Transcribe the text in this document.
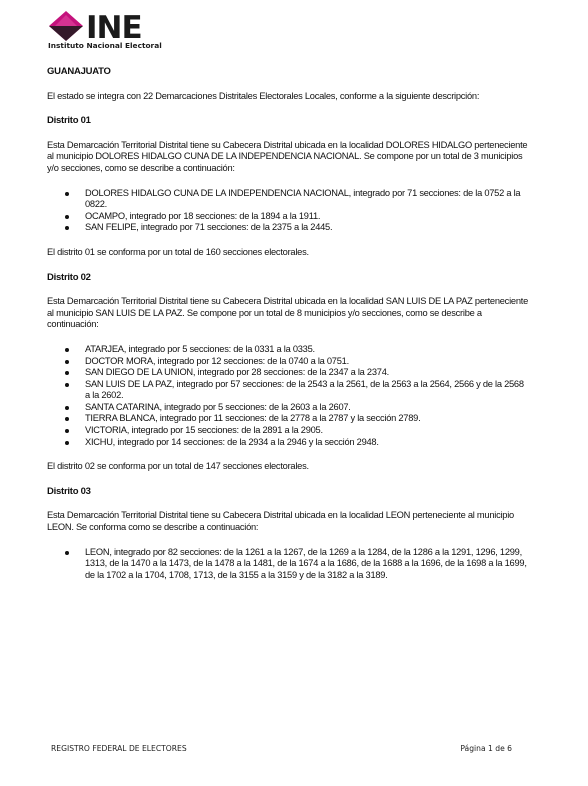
INE
Instituto Nacional Electoral

GUANAJUATO

El estado se integra con 22 Demarcaciones Distritales Electorales Locales, conforme a la siguiente descripción:

Distrito 01

Esta Demarcación Territorial Distrital tiene su Cabecera Distrital ubicada en la localidad DOLORES HIDALGO perteneciente al municipio DOLORES HIDALGO CUNA DE LA INDEPENDENCIA NACIONAL. Se compone por un total de 3 municipios y/o secciones, como se describe a continuación:

DOLORES HIDALGO CUNA DE LA INDEPENDENCIA NACIONAL, integrado por 71 secciones: de la 0752 a la 0822.
OCAMPO, integrado por 18 secciones: de la 1894 a la 1911.
SAN FELIPE, integrado por 71 secciones: de la 2375 a la 2445.

El distrito 01 se conforma por un total de 160 secciones electorales.

Distrito 02

Esta Demarcación Territorial Distrital tiene su Cabecera Distrital ubicada en la localidad SAN LUIS DE LA PAZ perteneciente al municipio SAN LUIS DE LA PAZ. Se compone por un total de 8 municipios y/o secciones, como se describe a continuación:

ATARJEA, integrado por 5 secciones: de la 0331 a la 0335.
DOCTOR MORA, integrado por 12 secciones: de la 0740 a la 0751.
SAN DIEGO DE LA UNION, integrado por 28 secciones: de la 2347 a la 2374.
SAN LUIS DE LA PAZ, integrado por 57 secciones: de la 2543 a la 2561, de la 2563 a la 2564, 2566 y de la 2568 a la 2602.
SANTA CATARINA, integrado por 5 secciones: de la 2603 a la 2607.
TIERRA BLANCA, integrado por 11 secciones: de la 2778 a la 2787 y la sección 2789.
VICTORIA, integrado por 15 secciones: de la 2891 a la 2905.
XICHU, integrado por 14 secciones: de la 2934 a la 2946 y la sección 2948.

El distrito 02 se conforma por un total de 147 secciones electorales.

Distrito 03

Esta Demarcación Territorial Distrital tiene su Cabecera Distrital ubicada en la localidad LEON perteneciente al municipio LEON. Se conforma como se describe a continuación:

LEON, integrado por 82 secciones: de la 1261 a la 1267, de la 1269 a la 1284, de la 1286 a la 1291, 1296, 1299, 1313, de la 1470 a la 1473, de la 1478 a la 1481, de la 1674 a la 1686, de la 1688 a la 1696, de la 1698 a la 1699, de la 1702 a la 1704, 1708, 1713, de la 3155 a la 3159 y de la 3182 a la 3189.
REGISTRO FEDERAL DE ELECTORES	Página 1 de 6
